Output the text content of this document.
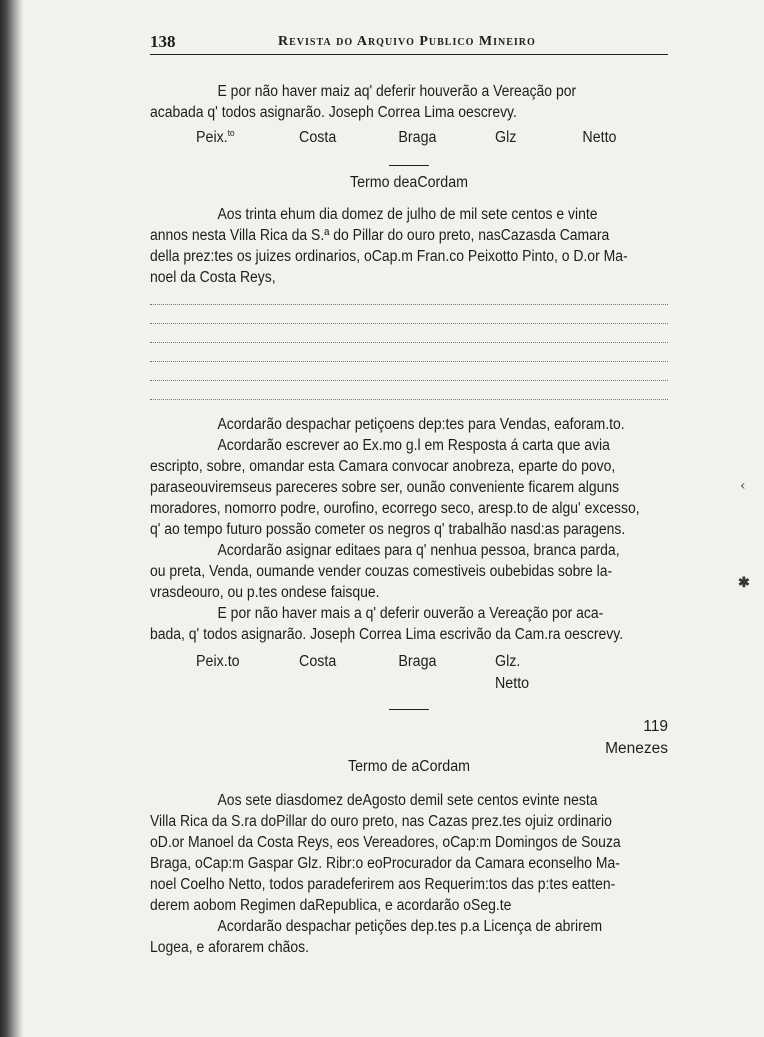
‹
✱
138	Revista do Arquivo Publico Mineiro

E por não haver maiz aq' deferir houverão a Vereação por

acabada q' todos asignarão. Joseph Correa Lima oescrevy.

Peix.$^{to}$	Costa	Braga	Glz	Netto
Termo deaCordam

Aos trinta ehum dia domez de julho de mil sete centos e vinte

annos nesta Villa Rica da S.ª do Pillar do ouro preto, nasCazasda Camara

della prez:tes os juizes ordinarios, oCap.m Fran.co Peixotto Pinto, o D.or Ma-

noel da Costa Reys,

Acordarão despachar petiçoens dep:tes para Vendas, eaforam.to.

Acordarão escrever ao Ex.mo g.l em Resposta á carta que avia

escripto, sobre, omandar esta Camara convocar anobreza, eparte do povo,

paraseouviremseus pareceres sobre ser, ounão conveniente ficarem alguns

moradores, nomorro podre, ourofino, ecorrego seco, aresp.to de algu' excesso,

q' ao tempo futuro possão cometer os negros q' trabalhão nasd:as paragens.

Acordarão asignar editaes para q' nenhua pessoa, branca parda,

ou preta, Venda, oumande vender couzas comestiveis oubebidas sobre la-

vrasdeouro, ou p.tes ondese faisque.

E por não haver mais a q' deferir ouverão a Vereação por aca-

bada, q' todos asignarão. Joseph Correa Lima escrivão da Cam.ra oescrevy.

Peix.to	Costa	Braga	Glz.
Netto
119
Menezes
Termo de aCordam

Aos sete diasdomez deAgosto demil sete centos evinte nesta

Villa Rica da S.ra doPillar do ouro preto, nas Cazas prez.tes ojuiz ordinario

oD.or Manoel da Costa Reys, eos Vereadores, oCap:m Domingos de Souza

Braga, oCap:m Gaspar Glz. Ribr:o eoProcurador da Camara econselho Ma-

noel Coelho Netto, todos paradeferirem aos Requerim:tos das p:tes eatten-

derem aobom Regimen daRepublica, e acordarão oSeg.te

Acordarão despachar petições dep.tes p.a Licença de abrirem

Logea, e aforarem chãos.
